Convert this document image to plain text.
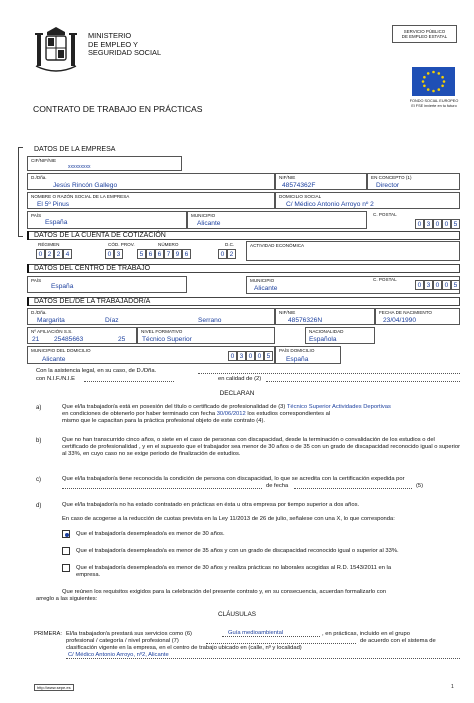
MINISTERIO
DE EMPLEO Y
SEGURIDAD SOCIAL
SERVICIO PÚBLICO
DE EMPLEO ESTATAL
FONDO SOCIAL EUROPEO
El FSE invierte en tu futuro
CONTRATO DE TRABAJO EN PRÁCTICAS
DATOS DE LA EMPRESA
CIF/NIF/NIE
xxxxxxxxx
D./Dña.
Jesús Rincón Gallego
NIF/NIE
48574362F
EN CONCEPTO (1)
Director
NOMBRE O RAZÓN SOCIAL DE LA EMPRESA
El 5º Pinus
DOMICILIO SOCIAL
C/ Médico Antonio Arroyo nº 2
PAÍS
España
MUNICIPIO
Alicante
C. POSTAL
0 3 0 0 5
DATOS DE LA CUENTA DE COTIZACIÓN
RÉGIMEN	CÓD. PROV.	NÚMERO	D.C.	ACTIVIDAD ECONÓMICA
0 2 2 4	0 3	5 6 6 7 9 6	0 2
DATOS DEL CENTRO DE TRABAJO
PAÍS
España
MUNICIPIO
Alicante
C. POSTAL
0 3 0 0 5
DATOS DEL/DE LA TRABAJADOR/A
D./Dña.
Margarita	Díaz	Serrano
NIF/NIE
48576326N
FECHA DE NACIMIENTO
23/04/1990
Nº AFILIACIÓN S.S.
21 25485663	25
NIVEL FORMATIVO
Técnico Superior
NACIONALIDAD
Española
MUNICIPIO DEL DOMICILIO
Alicante	0 3 0 0 5
PAÍS DOMICILIO
España
Con la asistencia legal, en su caso, de D./Dña.
con N.I.F./N.I.E	en calidad de (2)
DECLARAN
a)	Que el/la trabajador/a está en posesión del título o certificado de profesionalidad de (3) Técnico Superior Actividades Deportivas
en condiciones de obtenerlo por haber terminado con fecha 30/06/2012 los estudios correspondientes al
mismo que le capacitan para la práctica profesional objeto de este contrato (4).
b)	Que no han transcurrido cinco años, o siete en el caso de personas con discapacidad, desde la terminación o convalidación de los estudios o del certificado de profesionalidad , y en el supuesto que el trabajador sea menor de 30 años o de 35 con un grado de discapacidad reconocido igual o superior al 33%, en cuyo caso no se exige periodo de finalización de estudios.
c)	Que el/la trabajador/a tiene reconocida la condición de persona con discapacidad, lo que se acredita con la certificación expedida por
de fecha	(5)
d)	Que el/la trabajador/a no ha estado contratado en prácticas en ésta u otra empresa por tiempo superior a dos años.
En caso de acogerse a la reducción de cuotas prevista en la Ley 11/2013 de 26 de julio, señalese con una X, lo que corresponda:
Que el trabajador/a desempleado/a es menor de 30 años.
Que el trabajador/a desempleado/a es menor de 35 años y con un grado de discapacidad reconocido igual o superior al 33%.
Que el trabajador/a desempleado/a es menor de 30 años y realiza prácticas no laborales acogidas al R.D. 1543/2011 en la
empresa.
Que reúnen los requisitos exigidos para la celebración del presente contrato y, en su consecuencia, acuerdan formalizarlo con
arreglo a las siguientes:
CLÁUSULAS
PRIMERA: El/la trabajador/a prestará sus servicios como (6)	Guía medioambiental	, en prácticas, incluido en el grupo
profesional / categoría / nivel profesional (7)	de acuerdo con el sistema de
clasificación vigente en la empresa, en el centro de trabajo ubicado en (calle, nº y localidad)
C/ Médico Antonio Arroyo, nº2, Alicante
http://www.sepe.es	1
